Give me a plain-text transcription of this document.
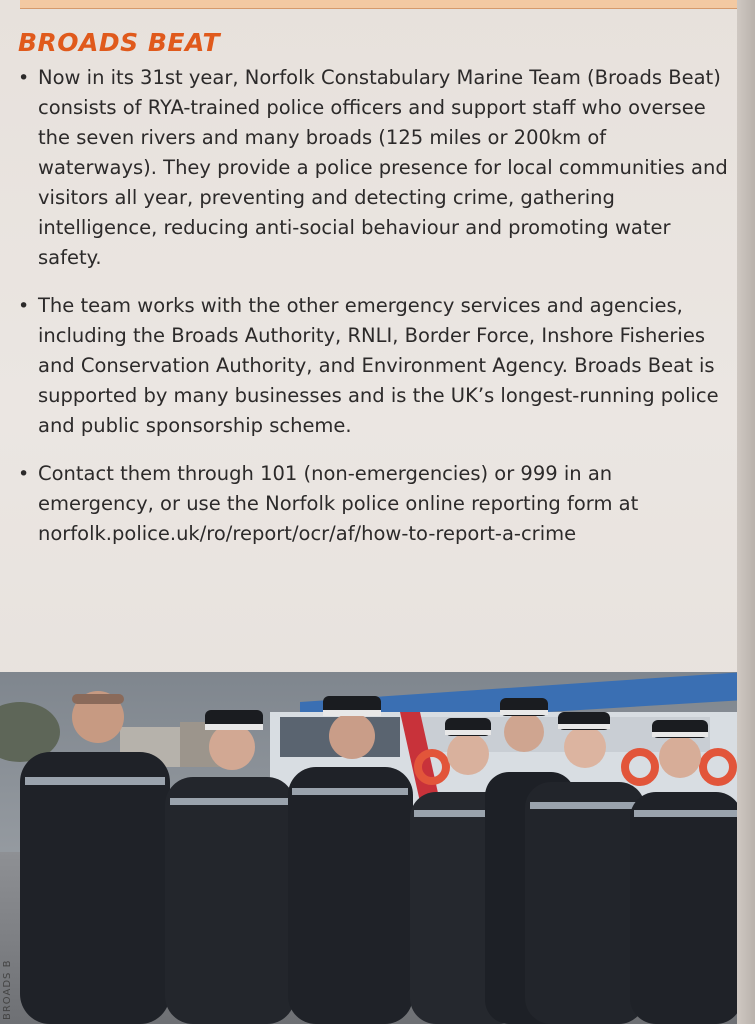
BROADS BEAT
• Now in its 31st year, Norfolk Constabulary Marine Team (Broads Beat) consists of RYA-trained police officers and support staff who oversee the seven rivers and many broads (125 miles or 200km of waterways). They provide a police presence for local communities and visitors all year, preventing and detecting crime, gathering intelligence, reducing anti-social behaviour and promoting water safety.
• The team works with the other emergency services and agencies, including the Broads Authority, RNLI, Border Force, Inshore Fisheries and Conservation Authority, and Environment Agency. Broads Beat is supported by many businesses and is the UK’s longest-running police and public sponsorship scheme.
• Contact them through 101 (non-emergencies) or 999 in an emergency, or use the Norfolk police online reporting form at norfolk.police.uk/ro/report/ocr/af/how-to-report-a-crime
BROADS B
